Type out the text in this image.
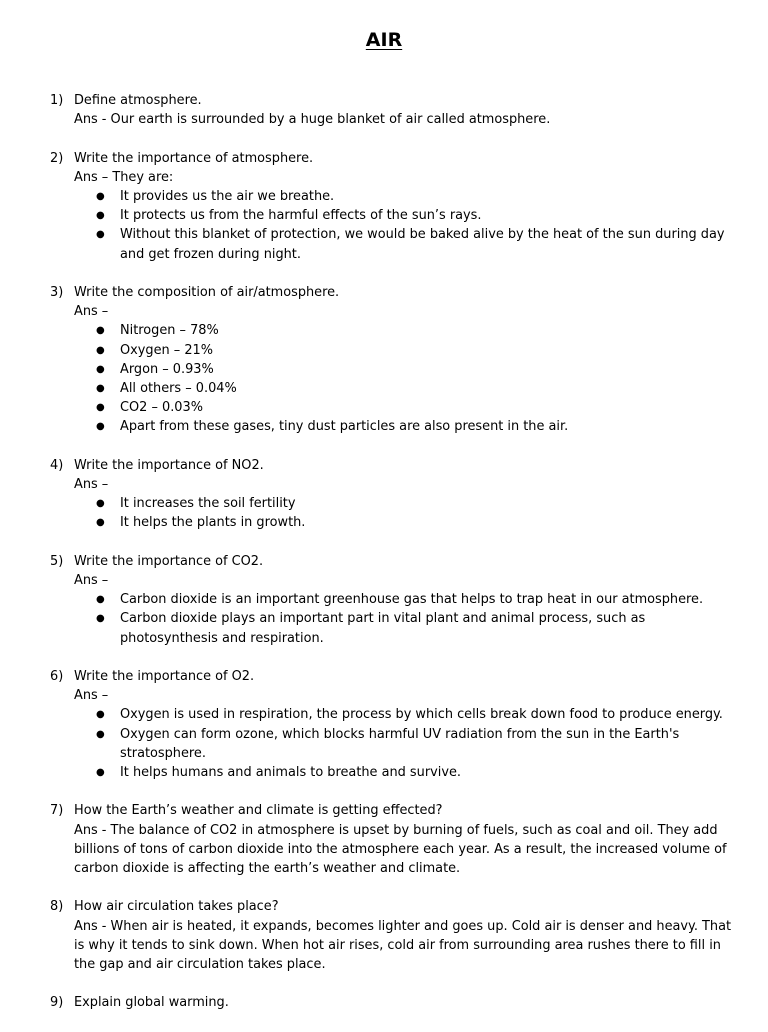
AIR
1) Define atmosphere.
Ans - Our earth is surrounded by a huge blanket of air called atmosphere.
2) Write the importance of atmosphere.
Ans – They are:
● It provides us the air we breathe.
● It protects us from the harmful effects of the sun’s rays.
● Without this blanket of protection, we would be baked alive by the heat of the sun during day and get frozen during night.
3) Write the composition of air/atmosphere.
Ans –
● Nitrogen – 78%
● Oxygen – 21%
● Argon – 0.93%
● All others – 0.04%
● CO2 – 0.03%
● Apart from these gases, tiny dust particles are also present in the air.
4) Write the importance of NO2.
Ans –
● It increases the soil fertility
● It helps the plants in growth.
5) Write the importance of CO2.
Ans –
● Carbon dioxide is an important greenhouse gas that helps to trap heat in our atmosphere.
● Carbon dioxide plays an important part in vital plant and animal process, such as photosynthesis and respiration.
6) Write the importance of O2.
Ans –
● Oxygen is used in respiration, the process by which cells break down food to produce energy.
● Oxygen can form ozone, which blocks harmful UV radiation from the sun in the Earth's stratosphere.
● It helps humans and animals to breathe and survive.
7) How the Earth’s weather and climate is getting effected?
Ans - The balance of CO2 in atmosphere is upset by burning of fuels, such as coal and oil. They add billions of tons of carbon dioxide into the atmosphere each year. As a result, the increased volume of carbon dioxide is affecting the earth’s weather and climate.
8) How air circulation takes place?
Ans - When air is heated, it expands, becomes lighter and goes up. Cold air is denser and heavy. That is why it tends to sink down. When hot air rises, cold air from surrounding area rushes there to fill in the gap and air circulation takes place.
9) Explain global warming.
